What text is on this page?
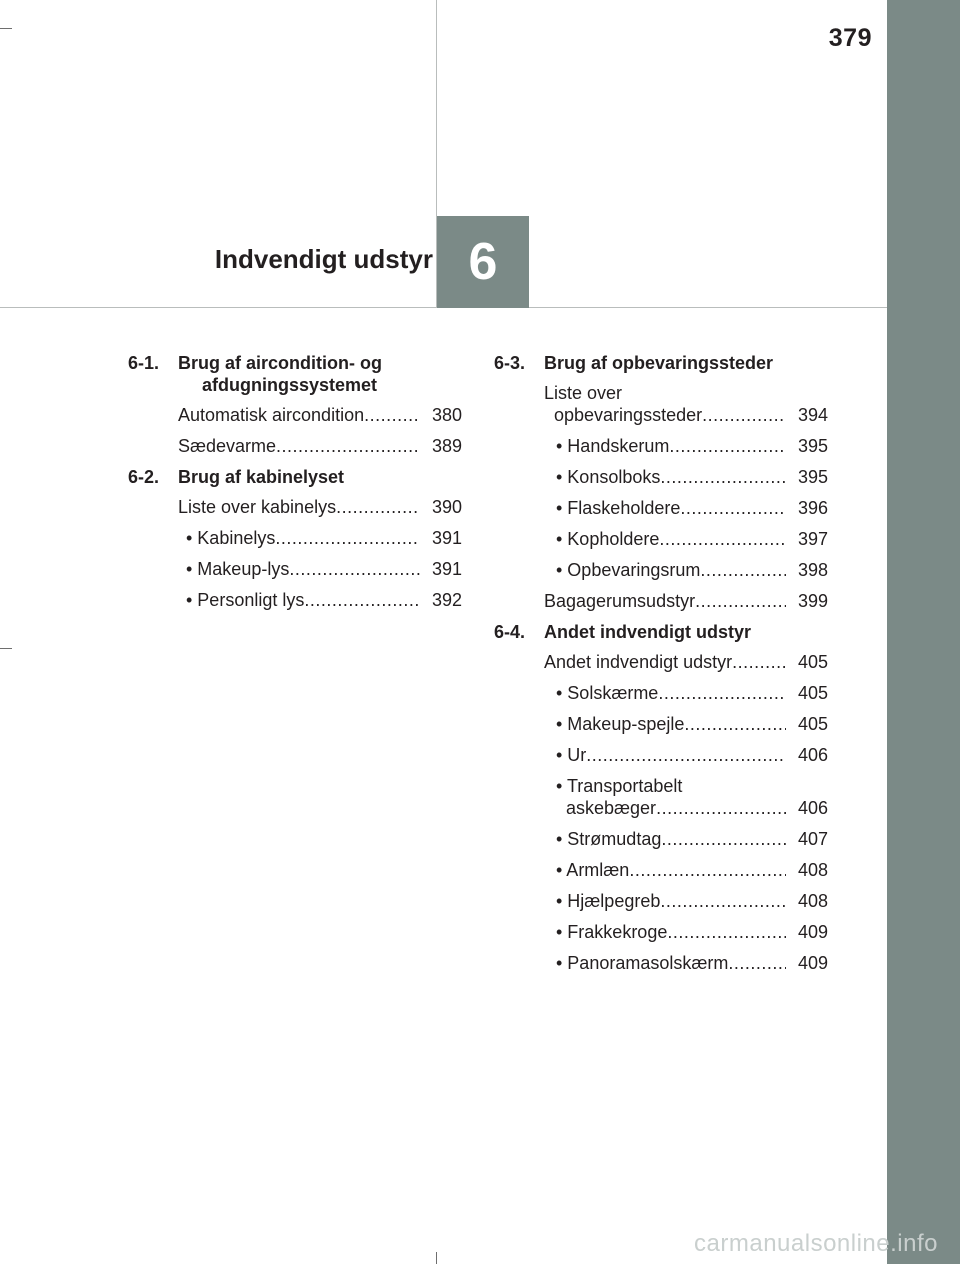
379
Indvendigt udstyr 6
6-1.	Brug af aircondition- og afdugningssystemet
Automatisk aircondition .....	380
Sædevarme .....	389
6-2.	Brug af kabinelyset
Liste over kabinelys .....	390
• Kabinelys .....	391
• Makeup-lys .....	391
• Personligt lys .....	392
6-3.	Brug af opbevaringssteder
Liste over
opbevaringssteder .....	394
• Handskerum .....	395
• Konsolboks .....	395
• Flaskeholdere .....	396
• Kopholdere .....	397
• Opbevaringsrum .....	398
Bagagerumsudstyr .....	399
6-4.	Andet indvendigt udstyr
Andet indvendigt udstyr .....	405
• Solskærme .....	405
• Makeup-spejle .....	405
• Ur .....	406
• Transportabelt
askebæger .....	406
• Strømudtag .....	407
• Armlæn .....	408
• Hjælpegreb .....	408
• Frakkekroge .....	409
• Panoramasolskærm .....	409
carmanualsonline.info
